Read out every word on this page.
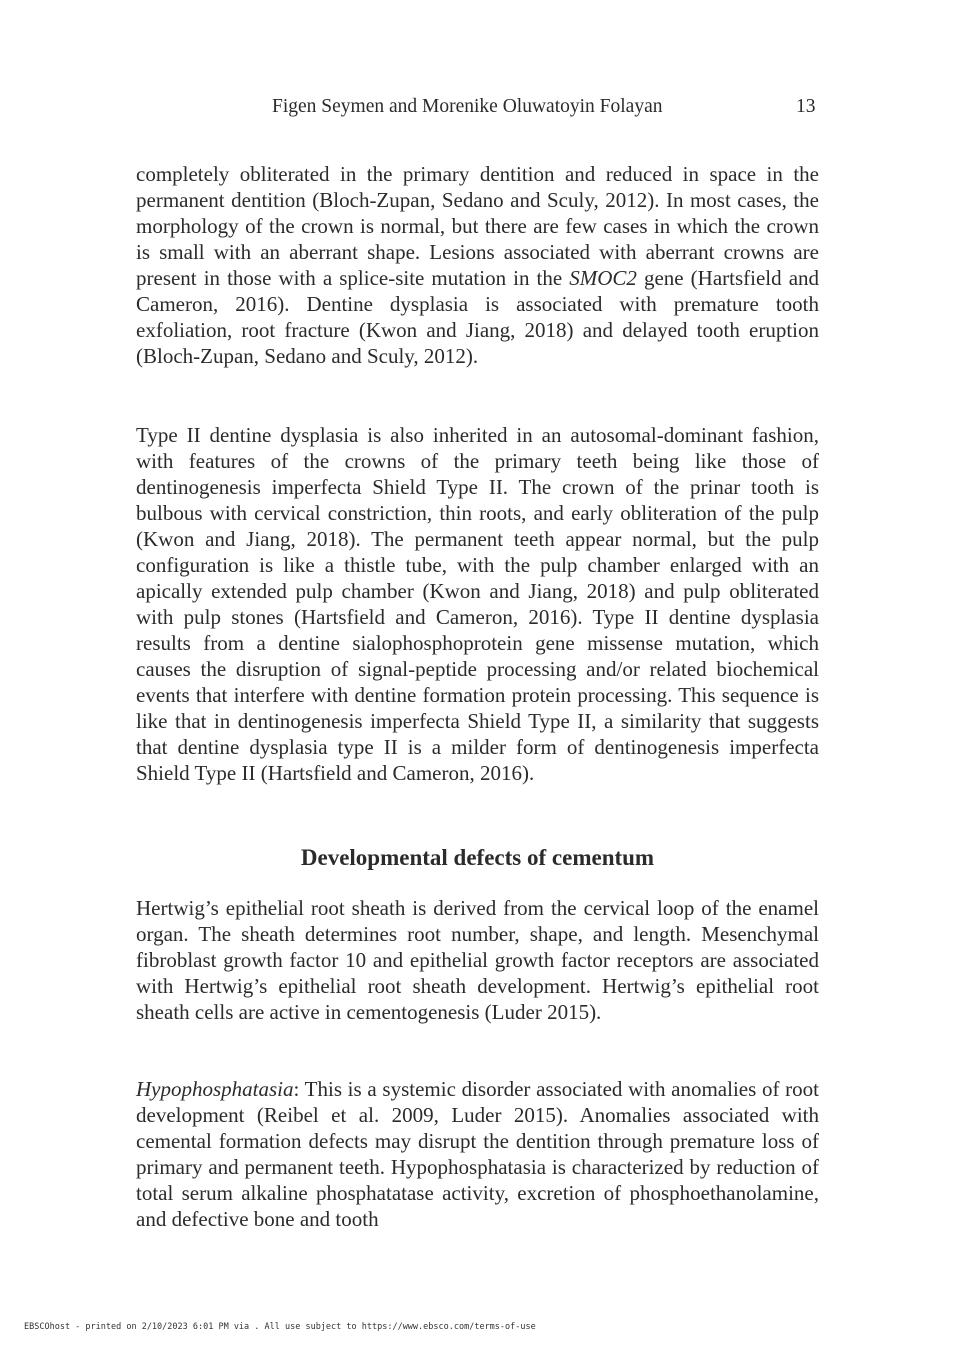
Figen Seymen and Morenike Oluwatoyin Folayan	13

completely obliterated in the primary dentition and reduced in space in the permanent dentition (Bloch-Zupan, Sedano and Sculy, 2012). In most cases, the morphology of the crown is normal, but there are few cases in which the crown is small with an aberrant shape. Lesions associated with aberrant crowns are present in those with a splice-site mutation in the SMOC2 gene (Hartsfield and Cameron, 2016). Dentine dysplasia is associated with premature tooth exfoliation, root fracture (Kwon and Jiang, 2018) and delayed tooth eruption (Bloch-Zupan, Sedano and Sculy, 2012).

Type II dentine dysplasia is also inherited in an autosomal-dominant fashion, with features of the crowns of the primary teeth being like those of dentinogenesis imperfecta Shield Type II. The crown of the prinar tooth is bulbous with cervical constriction, thin roots, and early obliteration of the pulp (Kwon and Jiang, 2018). The permanent teeth appear normal, but the pulp configuration is like a thistle tube, with the pulp chamber enlarged with an apically extended pulp chamber (Kwon and Jiang, 2018) and pulp obliterated with pulp stones (Hartsfield and Cameron, 2016). Type II dentine dysplasia results from a dentine sialophosphoprotein gene missense mutation, which causes the disruption of signal-peptide processing and/or related biochemical events that interfere with dentine formation protein processing. This sequence is like that in dentinogenesis imperfecta Shield Type II, a similarity that suggests that dentine dysplasia type II is a milder form of dentinogenesis imperfecta Shield Type II (Hartsfield and Cameron, 2016).

Developmental defects of cementum

Hertwig’s epithelial root sheath is derived from the cervical loop of the enamel organ. The sheath determines root number, shape, and length. Mesenchymal fibroblast growth factor 10 and epithelial growth factor receptors are associated with Hertwig’s epithelial root sheath development. Hertwig’s epithelial root sheath cells are active in cementogenesis (Luder 2015).

Hypophosphatasia: This is a systemic disorder associated with anomalies of root development (Reibel et al. 2009, Luder 2015). Anomalies associated with cemental formation defects may disrupt the dentition through premature loss of primary and permanent teeth. Hypophosphatasia is characterized by reduction of total serum alkaline phosphatatase activity, excretion of phosphoethanolamine, and defective bone and tooth

EBSCOhost - printed on 2/10/2023 6:01 PM via . All use subject to https://www.ebsco.com/terms-of-use
